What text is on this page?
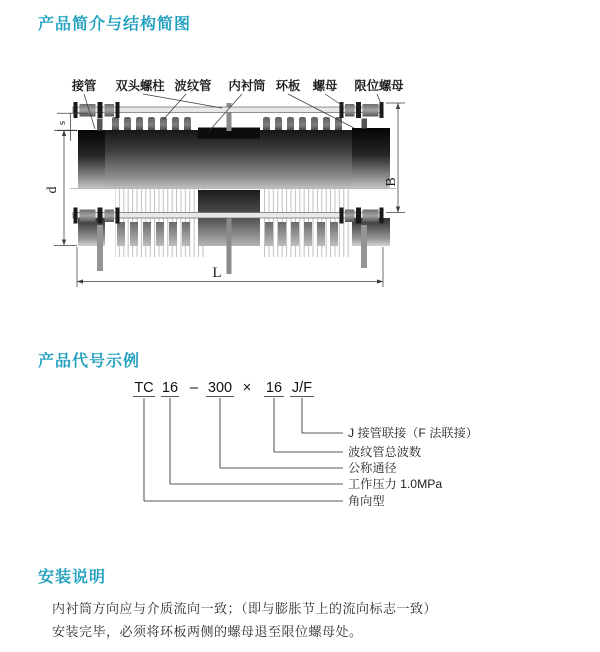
产品简介与结构简图
接管 双头螺柱 波纹管 内衬筒 环板 螺母 限位螺母
s
d
B
L
产品代号示例
TC 16 – 300 × 16 J/F
J 接管联接（F 法联接）
波纹管总波数
公称通径
工作压力 1.0MPa
角向型
安装说明
内衬筒方向应与介质流向一致；（即与膨胀节上的流向标志一致）
安装完毕，必须将环板两侧的螺母退至限位螺母处。
